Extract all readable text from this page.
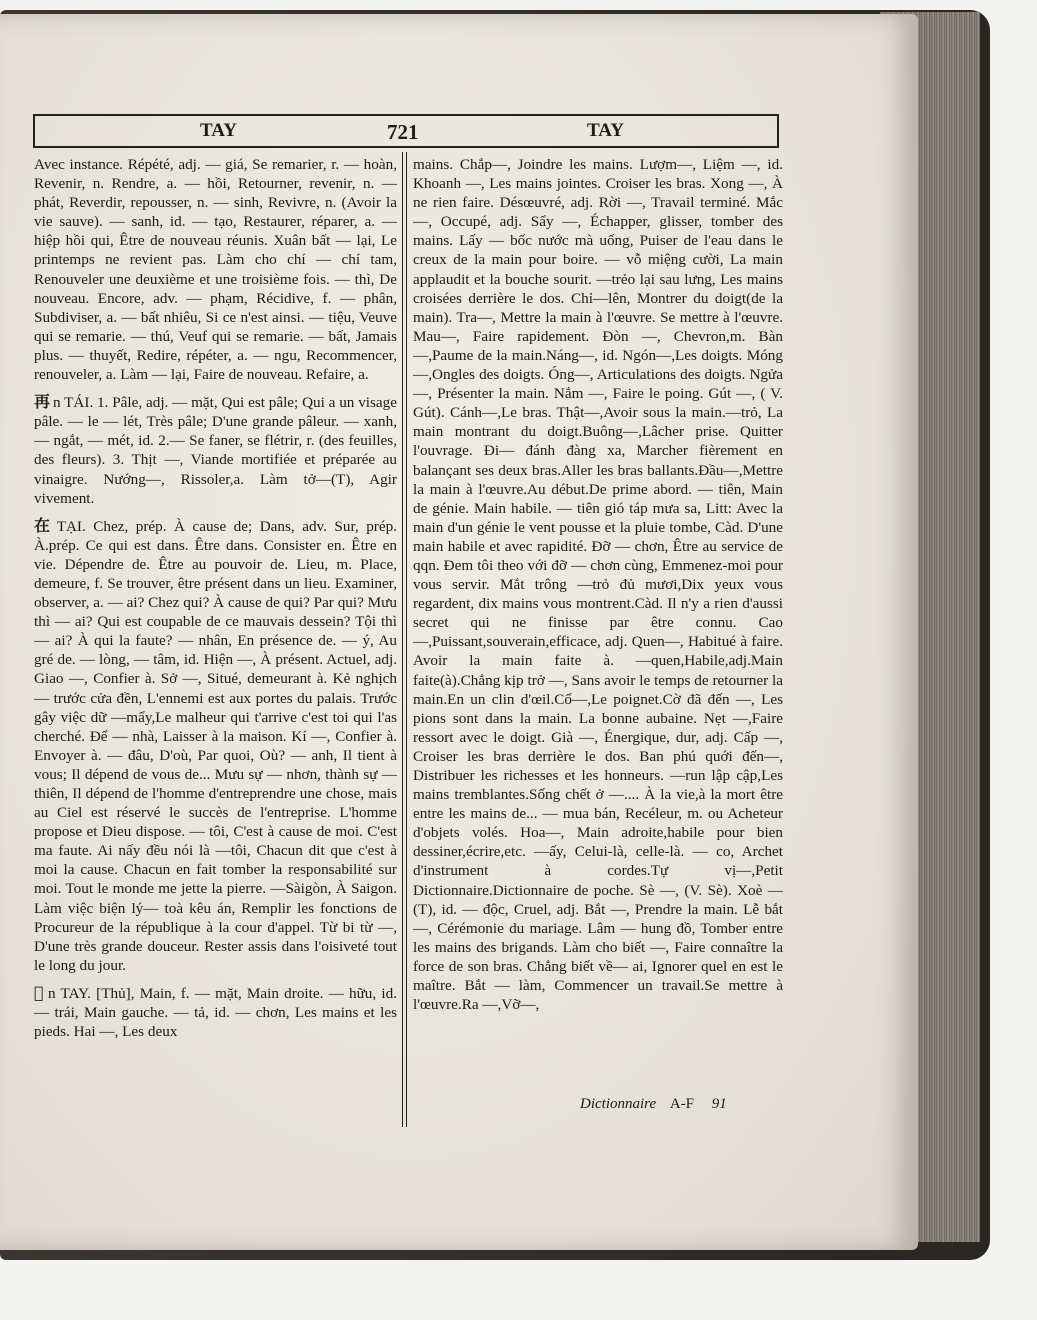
TAY	721	TAY

Avec instance. Répété, adj. — giá, Se remarier, r. — hoàn, Revenir, n. Rendre, a. — hồi, Retourner, revenir, n. — phát, Reverdir, repousser, n. — sinh, Revivre, n. (Avoir la vie sauve). — sanh, id. — tạo, Restaurer, réparer, a. — hiệp hồi qui, Être de nouveau réunis. Xuân bất — lại, Le printemps ne revient pas. Làm cho chí — chí tam, Renouveler une deuxième et une troisième fois. — thì, De nouveau. Encore, adv. — phạm, Récidive, f. — phân, Subdiviser, a. — bất nhiêu, Si ce n'est ainsi. — tiệu, Veuve qui se remarie. — thú, Veuf qui se remarie. — bất, Jamais plus. — thuyết, Redire, répéter, a. — ngu, Recommencer, renouveler, a. Làm — lại, Faire de nouveau. Refaire, a.

再 n TÁI. 1. Pâle, adj. — mặt, Qui est pâle; Qui a un visage pâle. — le — lét, Très pâle; D'une grande pâleur. — xanh, — ngắt, — mét, id. 2.— Se faner, se flétrir, r. (des feuilles, des fleurs). 3. Thịt —, Viande mortifiée et préparée au vinaigre. Nướng—, Rissoler,a. Làm tở—(T), Agir vivement.

在 TẠI. Chez, prép. À cause de; Dans, adv. Sur, prép. À.prép. Ce qui est dans. Être dans. Consister en. Être en vie. Dépendre de. Être au pouvoir de. Lieu, m. Place, demeure, f. Se trouver, être présent dans un lieu. Examiner, observer, a. — ai? Chez qui? À cause de qui? Par qui? Mưu thì — ai? Qui est coupable de ce mauvais dessein? Tội thì — ai? À qui la faute? — nhân, En présence de. — ý, Au gré de. — lòng, — tâm, id. Hiện —, À présent. Actuel, adj. Giao —, Confier à. Sở —, Situé, demeurant à. Kẻ nghịch — trước cửa đền, L'ennemi est aux portes du palais. Trước gây việc dữ —mẩy,Le malheur qui t'arrive c'est toi qui l'as cherché. Để — nhà, Laisser à la maison. Kí —, Confier à. Envoyer à. — đâu, D'où, Par quoi, Où? — anh, Il tient à vous; Il dépend de vous de... Mưu sự — nhơn, thành sự — thiên, Il dépend de l'homme d'entreprendre une chose, mais au Ciel est réservé le succès de l'entreprise. L'homme propose et Dieu dispose. — tôi, C'est à cause de moi. C'est ma faute. Ai nấy đều nói là —tôi, Chacun dit que c'est à moi la cause. Chacun en fait tomber la responsabilité sur moi. Tout le monde me jette la pierre. —Sàigòn, À Saigon. Làm việc biện lý— toà kêu án, Remplir les fonctions de Procureur de la république à la cour d'appel. Từ bi từ —, D'une très grande douceur. Rester assis dans l'oisiveté tout le long du jour.

𢬣 n TAY. [Thủ], Main, f. — mặt, Main droite. — hữu, id. — trái, Main gauche. — tả, id. — chơn, Les mains et les pieds. Hai —, Les deux

mains. Chắp—, Joindre les mains. Lượm—, Liệm —, id. Khoanh —, Les mains jointes. Croiser les bras. Xong —, À ne rien faire. Désœuvré, adj. Rời —, Travail terminé. Mắc —, Occupé, adj. Sẩy —, Échapper, glisser, tomber des mains. Lấy — bốc nước mà uống, Puiser de l'eau dans le creux de la main pour boire. — vỗ miệng cười, La main applaudit et la bouche sourit. —trẻo lại sau lưng, Les mains croisées derrière le dos. Chỉ—lên, Montrer du doigt(de la main). Tra—, Mettre la main à l'œuvre. Se mettre à l'œuvre. Mau—, Faire rapidement. Đòn —, Chevron,m. Bàn—,Paume de la main.Náng—, id. Ngón—,Les doigts. Móng—,Ongles des doigts. Óng—, Articulations des doigts. Ngửa—, Présenter la main. Nắm —, Faire le poing. Gút —, ( V. Gút). Cánh—,Le bras. Thật—,Avoir sous la main.—trỏ, La main montrant du doigt.Buông—,Lâcher prise. Quitter l'ouvrage. Đi— đánh đàng xa, Marcher fièrement en balançant ses deux bras.Aller les bras ballants.Đầu—,Mettre la main à l'œuvre.Au début.De prime abord. — tiên, Main de génie. Main habile. — tiên gió táp mưa sa, Litt: Avec la main d'un génie le vent pousse et la pluie tombe, Càd. D'une main habile et avec rapidité. Đỡ — chơn, Être au service de qqn. Đem tôi theo với đỡ — chơn cùng, Emmenez-moi pour vous servir. Mắt trông —trỏ đủ mươi,Dix yeux vous regardent, dix mains vous montrent.Càd. Il n'y a rien d'aussi secret qui ne finisse par être connu. Cao—,Puissant,souverain,efficace, adj. Quen—, Habitué à faire. Avoir la main faite à. —quen,Habile,adj.Main faite(à).Chẳng kịp trở —, Sans avoir le temps de retourner la main.En un clin d'œil.Cổ—,Le poignet.Cờ đã đến —, Les pions sont dans la main. La bonne aubaine. Nẹt —,Faire ressort avec le doigt. Già —, Énergique, dur, adj. Cấp —, Croiser les bras derrière le dos. Ban phú quới đến—, Distribuer les richesses et les honneurs. —run lập cập,Les mains tremblantes.Sống chết ở —.... À la vie,à la mort être entre les mains de... — mua bán, Recéleur, m. ou Acheteur d'objets volés. Hoa—, Main adroite,habile pour bien dessiner,écrire,etc. —ấy, Celui-là, celle-là. — co, Archet d'instrument à cordes.Tự vị—,Petit Dictionnaire.Dictionnaire de poche. Sè —, (V. Sè). Xoè —(T), id. — độc, Cruel, adj. Bắt —, Prendre la main. Lễ bắt —, Cérémonie du mariage. Lâm — hung đồ, Tomber entre les mains des brigands. Làm cho biết —, Faire connaître la force de son bras. Chẳng biết về— ai, Ignorer quel en est le maître. Bắt — làm, Commencer un travail.Se mettre à l'œuvre.Ra —,Vỡ—,

Dictionnaire A-F 91
